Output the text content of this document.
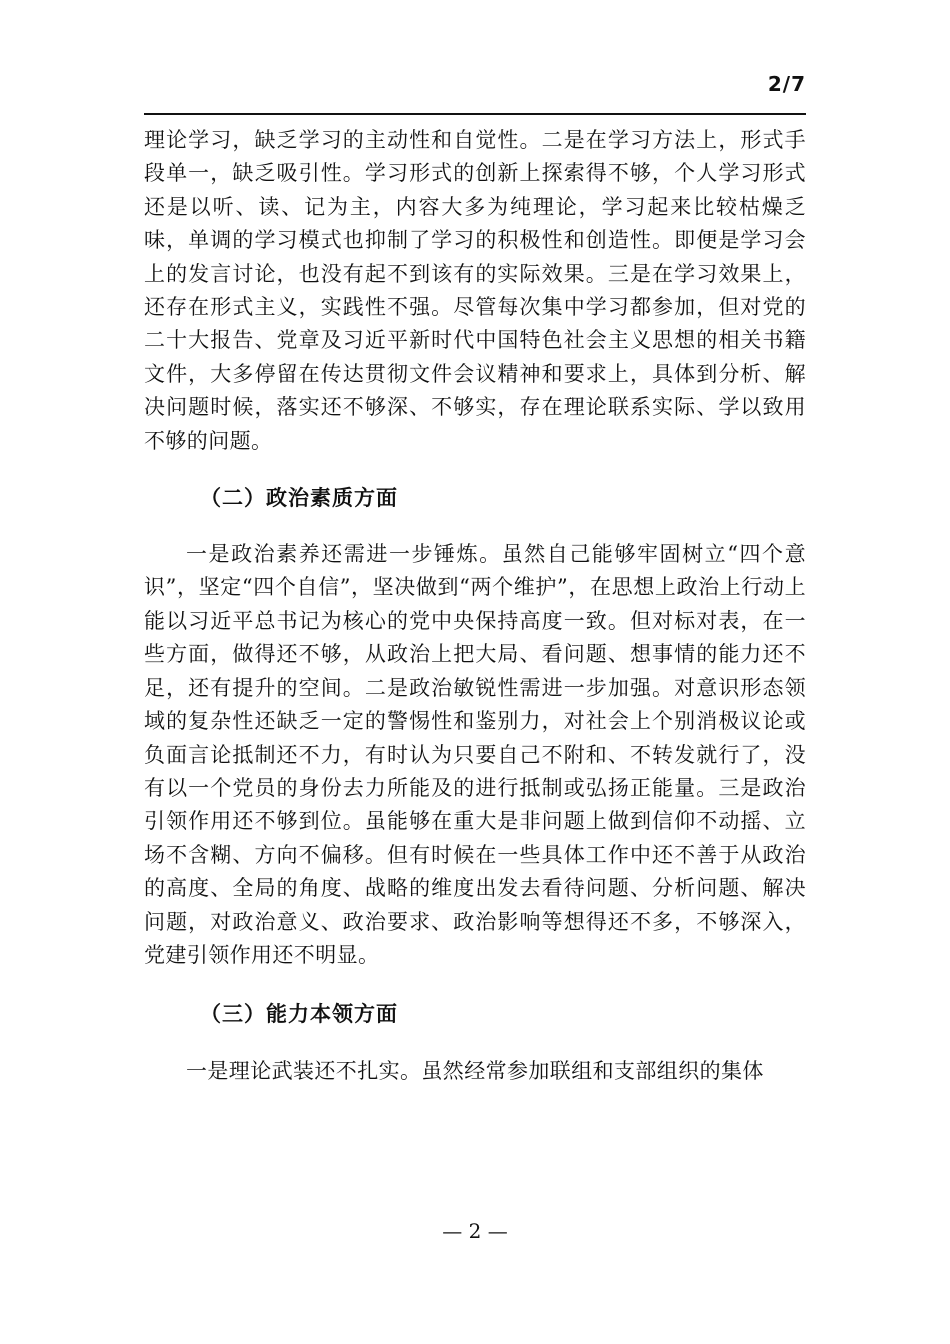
2/7

理论学习，缺乏学习的主动性和自觉性。二是在学习方法上，形式手段单一，缺乏吸引性。学习形式的创新上探索得不够，个人学习形式还是以听、读、记为主，内容大多为纯理论，学习起来比较枯燥乏味，单调的学习模式也抑制了学习的积极性和创造性。即便是学习会上的发言讨论，也没有起不到该有的实际效果。三是在学习效果上，还存在形式主义，实践性不强。尽管每次集中学习都参加，但对党的二十大报告、党章及习近平新时代中国特色社会主义思想的相关书籍文件，大多停留在传达贯彻文件会议精神和要求上，具体到分析、解决问题时候，落实还不够深、不够实，存在理论联系实际、学以致用不够的问题。

（二）政治素质方面

一是政治素养还需进一步锤炼。虽然自己能够牢固树立“四个意识”，坚定“四个自信”，坚决做到“两个维护”，在思想上政治上行动上能以习近平总书记为核心的党中央保持高度一致。但对标对表，在一些方面，做得还不够，从政治上把大局、看问题、想事情的能力还不足，还有提升的空间。二是政治敏锐性需进一步加强。对意识形态领域的复杂性还缺乏一定的警惕性和鉴别力，对社会上个别消极议论或负面言论抵制还不力，有时认为只要自己不附和、不转发就行了，没有以一个党员的身份去力所能及的进行抵制或弘扬正能量。三是政治引领作用还不够到位。虽能够在重大是非问题上做到信仰不动摇、立场不含糊、方向不偏移。但有时候在一些具体工作中还不善于从政治的高度、全局的角度、战略的维度出发去看待问题、分析问题、解决问题，对政治意义、政治要求、政治影响等想得还不多，不够深入，党建引领作用还不明显。

（三）能力本领方面

一是理论武装还不扎实。虽然经常参加联组和支部组织的集体

— 2 —
